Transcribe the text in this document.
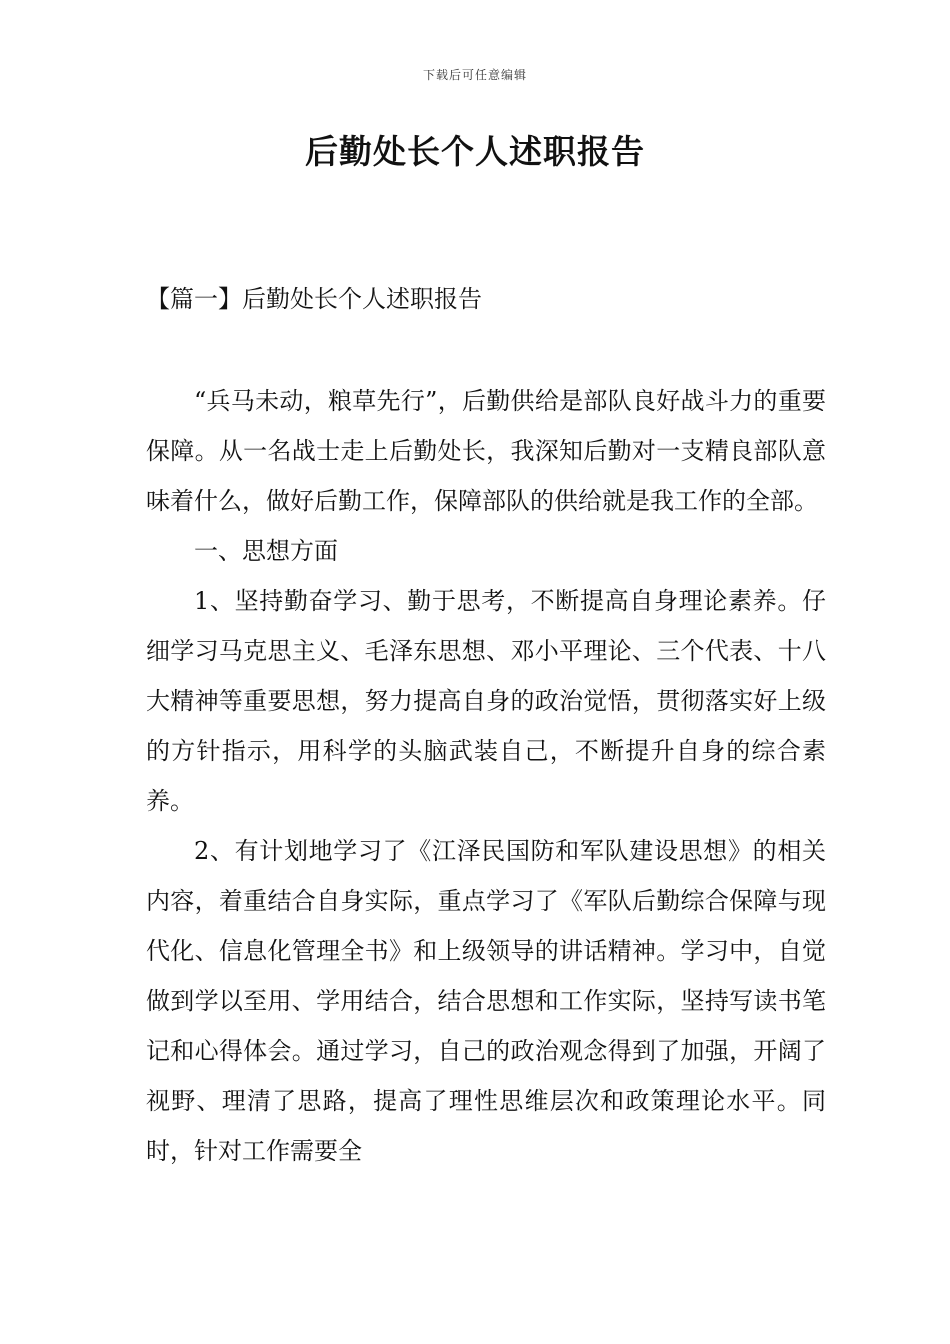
下载后可任意编辑
后勤处长个人述职报告
【篇一】后勤处长个人述职报告

“兵马未动，粮草先行”，后勤供给是部队良好战斗力的重要保障。从一名战士走上后勤处长，我深知后勤对一支精良部队意味着什么，做好后勤工作，保障部队的供给就是我工作的全部。

一、思想方面

1、坚持勤奋学习、勤于思考，不断提高自身理论素养。仔细学习马克思主义、毛泽东思想、邓小平理论、三个代表、十八大精神等重要思想，努力提高自身的政治觉悟，贯彻落实好上级的方针指示，用科学的头脑武装自己，不断提升自身的综合素养。

2、有计划地学习了《江泽民国防和军队建设思想》的相关内容，着重结合自身实际，重点学习了《军队后勤综合保障与现代化、信息化管理全书》和上级领导的讲话精神。学习中，自觉做到学以至用、学用结合，结合思想和工作实际，坚持写读书笔记和心得体会。通过学习，自己的政治观念得到了加强，开阔了视野、理清了思路，提高了理性思维层次和政策理论水平。同时，针对工作需要全
